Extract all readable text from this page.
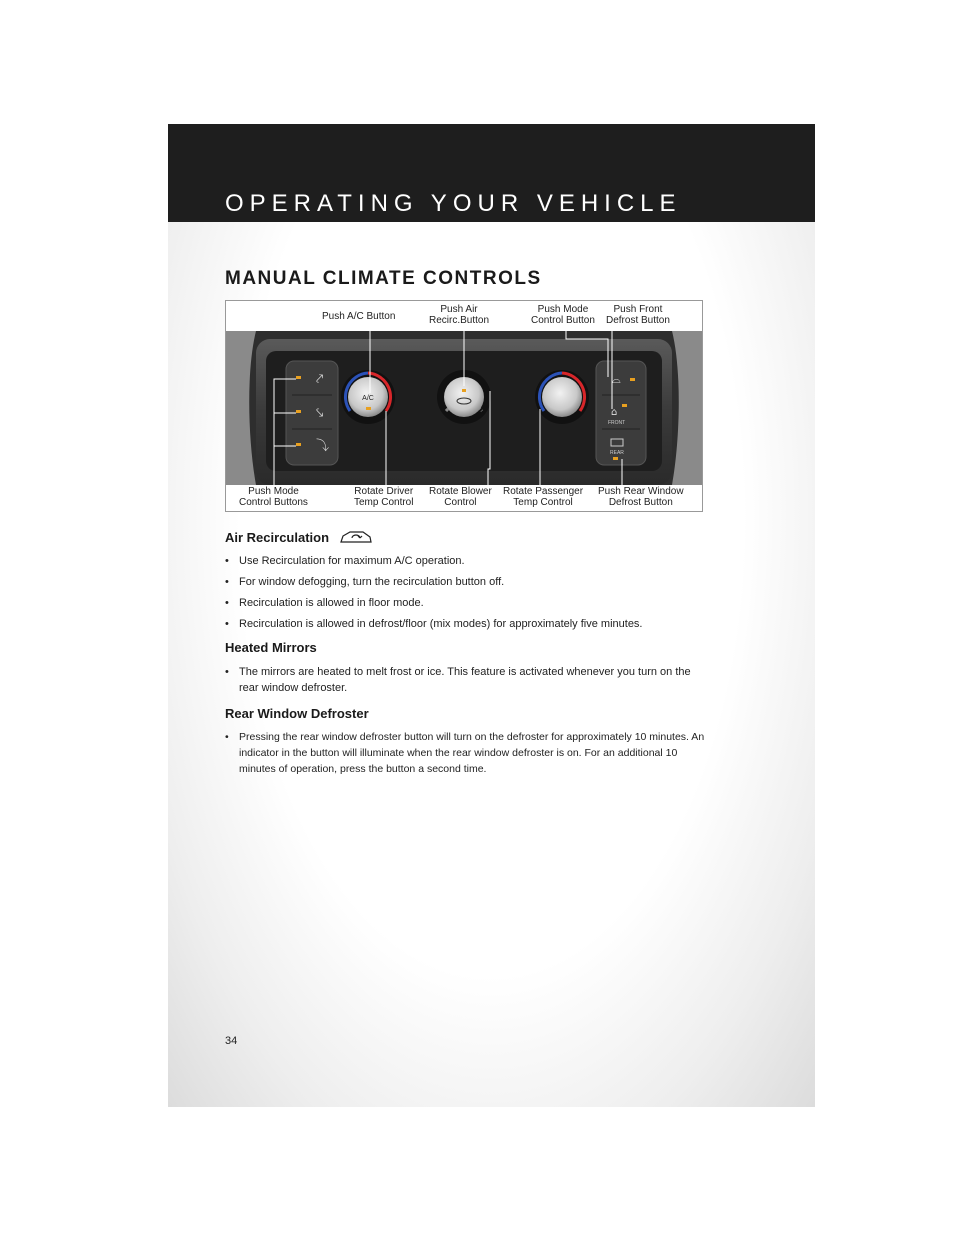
OPERATING YOUR VEHICLE
MANUAL CLIMATE CONTROLS
Push A/C Button
Push Air
Recirc.Button
Push Mode
Control Button
Push Front
Defrost Button
⤤
⤥
⤵
A/C
⌓
⌂
FRONT
REAR
Push Mode
Control Buttons
Rotate Driver
Temp Control
Rotate Blower
Control
Rotate Passenger
Temp Control
Push Rear Window
Defrost Button
Air Recirculation
• Use Recirculation for maximum A/C operation.
• For window defogging, turn the recirculation button off.
• Recirculation is allowed in floor mode.
• Recirculation is allowed in defrost/floor (mix modes) for approximately five minutes.
Heated Mirrors
• The mirrors are heated to melt frost or ice. This feature is activated whenever you turn on the rear window defroster.
Rear Window Defroster
• Pressing the rear window defroster button will turn on the defroster for approximately 10 minutes. An indicator in the button will illuminate when the rear window defroster is on. For an additional 10 minutes of operation, press the button a second time.
34
